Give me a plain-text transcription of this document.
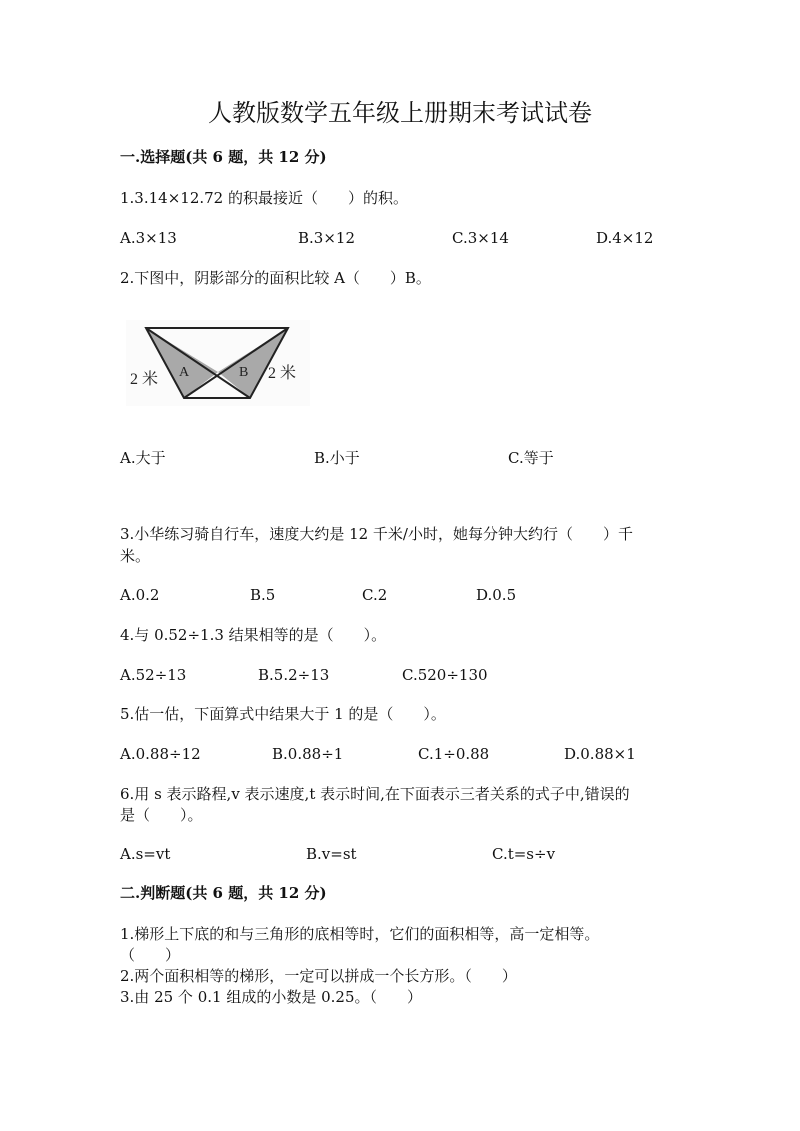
人教版数学五年级上册期末考试试卷
一.选择题(共 6 题，共 12 分)
1.3.14×12.72 的积最接近（　　）的积。
A.3×13	B.3×12	C.3×14	D.4×12
2.下图中，阴影部分的面积比较 A（　　）B。
A	B
2 米	2 米
A.大于	B.小于	C.等于
3.小华练习骑自行车，速度大约是 12 千米/小时，她每分钟大约行（　　）千
米。
A.0.2	B.5	C.2	D.0.5
4.与 0.52÷1.3 结果相等的是（　　）。
A.52÷13	B.5.2÷13	C.520÷130
5.估一估，下面算式中结果大于 1 的是（　　）。
A.0.88÷12	B.0.88÷1	C.1÷0.88	D.0.88×1
6.用 s 表示路程,v 表示速度,t 表示时间,在下面表示三者关系的式子中,错误的
是（　　）。
A.s=vt	B.v=st	C.t=s÷v
二.判断题(共 6 题，共 12 分)
1.梯形上下底的和与三角形的底相等时，它们的面积相等，高一定相等。
（　　）
2.两个面积相等的梯形，一定可以拼成一个长方形。（　　）
3.由 25 个 0.1 组成的小数是 0.25。（　　）
